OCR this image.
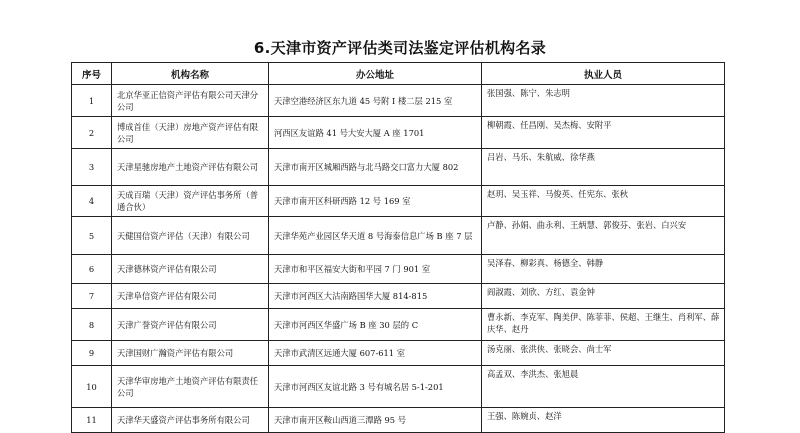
6.天津市资产评估类司法鉴定评估机构名录
序号	机构名称	办公地址	执业人员
1	北京华亚正信资产评估有限公司天津分公司	天津空港经济区东九道 45 号附 I 楼二层 215 室	张国强、陈宁、朱志明
2	博成首佳（天津）房地产资产评估有限公司	河西区友谊路 41 号大安大厦 A 座 1701	柳朝霞、任昌刚、吴杰梅、安附平
3	天津星驰房地产土地资产评估有限公司	天津市南开区城厢西路与北马路交口富力大厦 802	吕岩、马乐、朱航威、徐华燕
4	天成百瑞（天津）资产评估事务所（普通合伙）	天津市南开区科研西路 12 号 169 室	赵玥、吴玉祥、马俊英、任宪东、张秋
5	天健国信资产评估（天津）有限公司	天津华苑产业园区华天道 8 号海泰信息广场 B 座 7 层	卢静、孙娟、曲永利、王炳慧、郭俊芬、张岩、白兴安
6	天津德林资产评估有限公司	天津市和平区福安大街和平园 7 门 901 室	吴泽春、柳彩真、杨德全、韩静
7	天津阜信资产评估有限公司	天津市河西区大沽南路国华大厦 814-815	阎淑霞、刘欣、方红、袁金钟
8	天津广誉资产评估有限公司	天津市河西区华盛广场 B 座 30 层的 C	曹永新、李克军、陶美伊、陈菲菲、侯超、王继生、肖利军、薛庆华、赵丹
9	天津国财广瀚资产评估有限公司	天津市武清区远通大厦 607-611 室	汤克丽、张洪侠、张晓会、尚士军
10	天津华审房地产土地资产评估有限责任公司	天津市河西区友谊北路 3 号有城名居 5-1-201	高孟双、李洪杰、张旭晨
11	天津华天盛资产评估事务所有限公司	天津市南开区鞍山西道三潭路 95 号	王强、陈婉贞、赵洋
